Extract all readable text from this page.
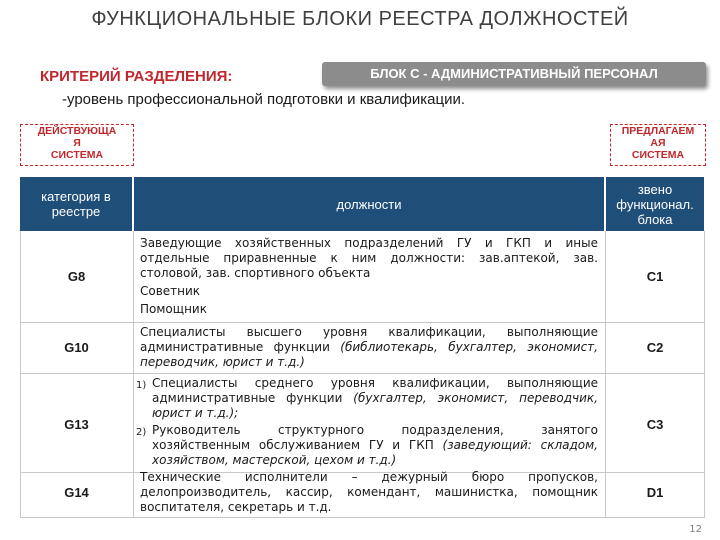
ФУНКЦИОНАЛЬНЫЕ БЛОКИ РЕЕСТРА ДОЛЖНОСТЕЙ
БЛОК С - АДМИНИСТРАТИВНЫЙ ПЕРСОНАЛ
КРИТЕРИЙ РАЗДЕЛЕНИЯ:
-уровень профессиональной подготовки и квалификации.
ДЕЙСТВУЮЩА
Я
СИСТЕМА
ПРЕДЛАГАЕМ
АЯ
СИСТЕМА
категория в реестре	должности
звено функционал. блока
G8
Заведующие хозяйственных подразделений ГУ и ГКП и иные отдельные приравненные к ним должности: зав.аптекой, зав. столовой, зав. спортивного объекта
Советник
Помощник
C1
G10
Специалисты высшего уровня квалификации, выполняющие административные функции (библиотекарь, бухгалтер, экономист, переводчик, юрист и т.д.)
C2
G13
1) Специалисты среднего уровня квалификации, выполняющие административные функции (бухгалтер, экономист, переводчик, юрист и т.д.);
2) Руководитель структурного подразделения, занятого хозяйственным обслуживанием ГУ и ГКП (заведующий: складом, хозяйством, мастерской, цехом и т.д.)
C3
G14
Технические исполнители – дежурный бюро пропусков, делопроизводитель, кассир, комендант, машинистка, помощник воспитателя, секретарь и т.д.
D1
12
